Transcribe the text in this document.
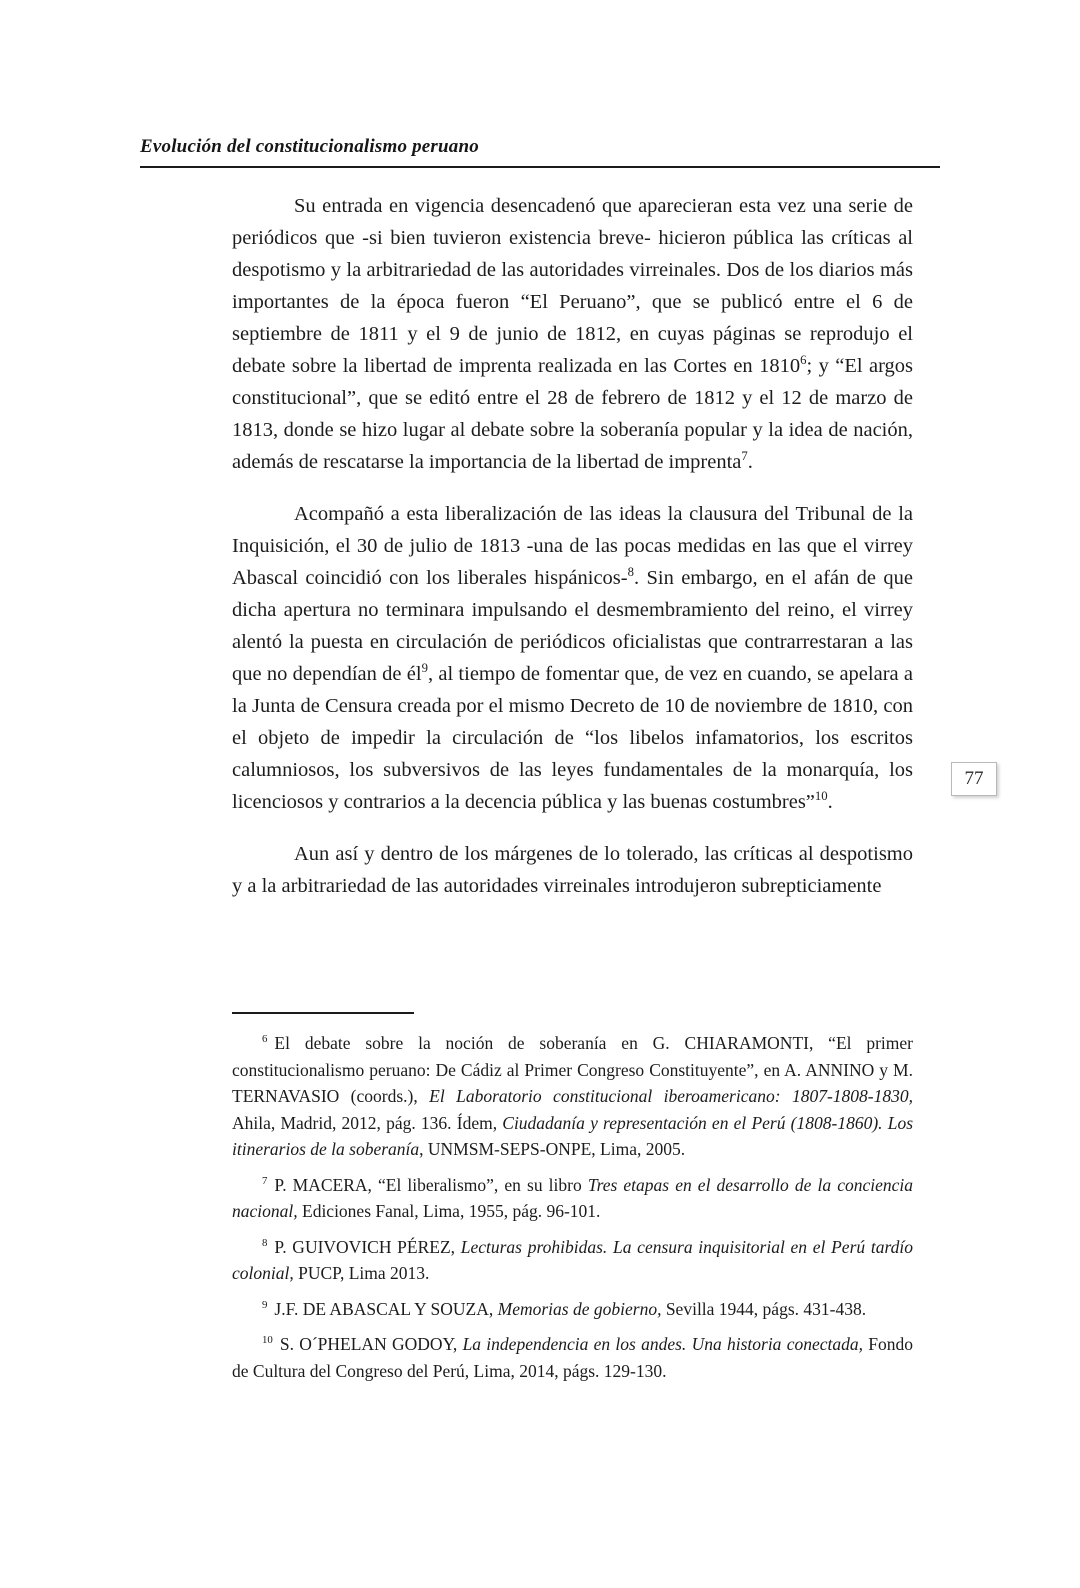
Evolución del constitucionalismo peruano

Su entrada en vigencia desencadenó que aparecieran esta vez una serie de periódicos que -si bien tuvieron existencia breve- hicieron pública las críticas al despotismo y la arbitrariedad de las autoridades virreinales. Dos de los diarios más importantes de la época fueron “El Peruano”, que se publicó entre el 6 de septiembre de 1811 y el 9 de junio de 1812, en cuyas páginas se reprodujo el debate sobre la libertad de imprenta realizada en las Cortes en 1810$^6$; y “El argos constitucional”, que se editó entre el 28 de febrero de 1812 y el 12 de marzo de 1813, donde se hizo lugar al debate sobre la soberanía popular y la idea de nación, además de rescatarse la importancia de la libertad de imprenta$^7$.

Acompañó a esta liberalización de las ideas la clausura del Tribunal de la Inquisición, el 30 de julio de 1813 -una de las pocas medidas en las que el virrey Abascal coincidió con los liberales hispánicos-$^8$. Sin embargo, en el afán de que dicha apertura no terminara impulsando el desmembramiento del reino, el virrey alentó la puesta en circulación de periódicos oficialistas que contrarrestaran a las que no dependían de $él^9$, al tiempo de fomentar que, de vez en cuando, se apelara a la Junta de Censura creada por el mismo Decreto de 10 de noviembre de 1810, con el objeto de impedir la circulación de “los libelos infamatorios, los escritos calumniosos, los subversivos de las leyes fundamentales de la monarquía, los licenciosos y contrarios a la decencia pública y las buenas costumbres”$^{10}$.

Aun así y dentro de los márgenes de lo tolerado, las críticas al despotismo y a la arbitrariedad de las autoridades virreinales introdujeron subrepticiamente

77

$^6$ El debate sobre la noción de soberanía en G. CHIARAMONTI, “El primer constitucionalismo peruano: De Cádiz al Primer Congreso Constituyente”, en A. ANNINO y M. TERNAVASIO (coords.), El Laboratorio constitucional iberoamericano: 1807-1808-1830, Ahila, Madrid, 2012, pág. 136. Ídem, Ciudadanía y representación en el Perú (1808-1860). Los itinerarios de la soberanía, UNMSM-SEPS-ONPE, Lima, 2005.

$^7$ P. MACERA, “El liberalismo”, en su libro Tres etapas en el desarrollo de la conciencia nacional, Ediciones Fanal, Lima, 1955, pág. 96-101.

$^8$ P. GUIVOVICH PÉREZ, Lecturas prohibidas. La censura inquisitorial en el Perú tardío colonial, PUCP, Lima 2013.

$^9$ J.F. DE ABASCAL Y SOUZA, Memorias de gobierno, Sevilla 1944, págs. 431-438.

$^{10}$ S. O´PHELAN GODOY, La independencia en los andes. Una historia conectada, Fondo de Cultura del Congreso del Perú, Lima, 2014, págs. 129-130.
